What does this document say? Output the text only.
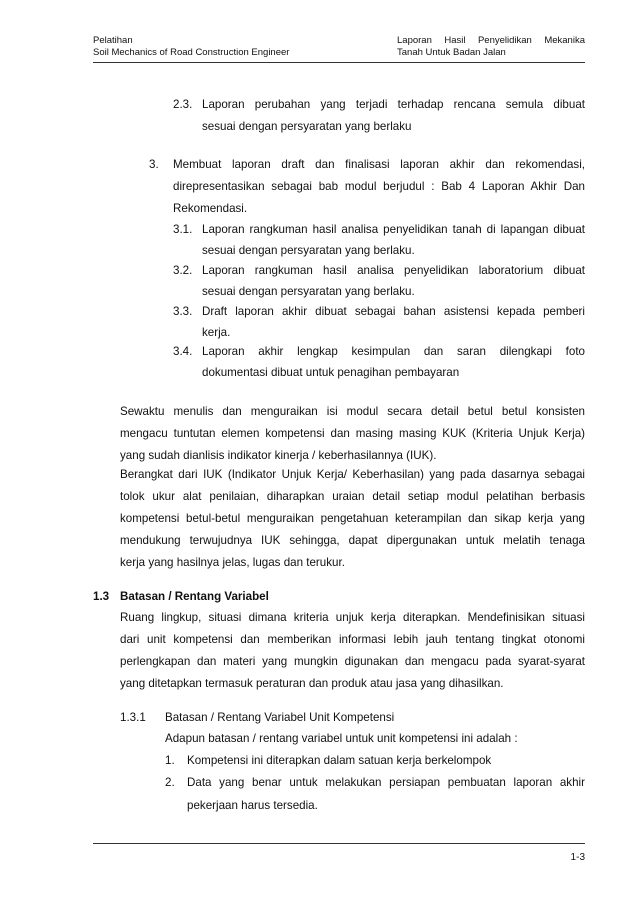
Pelatihan
Soil Mechanics of Road Construction Engineer
Laporan Hasil Penyelidikan Mekanika
Tanah Untuk Badan Jalan
2.3. Laporan perubahan yang terjadi terhadap rencana semula dibuat
sesuai dengan persyaratan yang berlaku
3. Membuat laporan draft dan finalisasi laporan akhir dan rekomendasi,
direpresentasikan sebagai bab modul berjudul : Bab 4 Laporan Akhir Dan
Rekomendasi.
3.1. Laporan rangkuman hasil analisa penyelidikan tanah di lapangan dibuat
sesuai dengan persyaratan yang berlaku.
3.2. Laporan rangkuman hasil analisa penyelidikan laboratorium dibuat
sesuai dengan persyaratan yang berlaku.
3.3. Draft laporan akhir dibuat sebagai bahan asistensi kepada pemberi
kerja.
3.4. Laporan akhir lengkap kesimpulan dan saran dilengkapi foto
dokumentasi dibuat untuk penagihan pembayaran
Sewaktu menulis dan menguraikan isi modul secara detail betul betul konsisten
mengacu tuntutan elemen kompetensi dan masing masing KUK (Kriteria Unjuk Kerja)
yang sudah dianlisis indikator kinerja / keberhasilannya (IUK).
Berangkat dari IUK (Indikator Unjuk Kerja/ Keberhasilan) yang pada dasarnya sebagai
tolok ukur alat penilaian, diharapkan uraian detail setiap modul pelatihan berbasis
kompetensi betul-betul menguraikan pengetahuan keterampilan dan sikap kerja yang
mendukung terwujudnya IUK sehingga, dapat dipergunakan untuk melatih tenaga
kerja yang hasilnya jelas, lugas dan terukur.
1.3 Batasan / Rentang Variabel
Ruang lingkup, situasi dimana kriteria unjuk kerja diterapkan. Mendefinisikan situasi
dari unit kompetensi dan memberikan informasi lebih jauh tentang tingkat otonomi
perlengkapan dan materi yang mungkin digunakan dan mengacu pada syarat-syarat
yang ditetapkan termasuk peraturan dan produk atau jasa yang dihasilkan.
1.3.1 Batasan / Rentang Variabel Unit Kompetensi
Adapun batasan / rentang variabel untuk unit kompetensi ini adalah :
1. Kompetensi ini diterapkan dalam satuan kerja berkelompok
2. Data yang benar untuk melakukan persiapan pembuatan laporan akhir
pekerjaan harus tersedia.
1-3
